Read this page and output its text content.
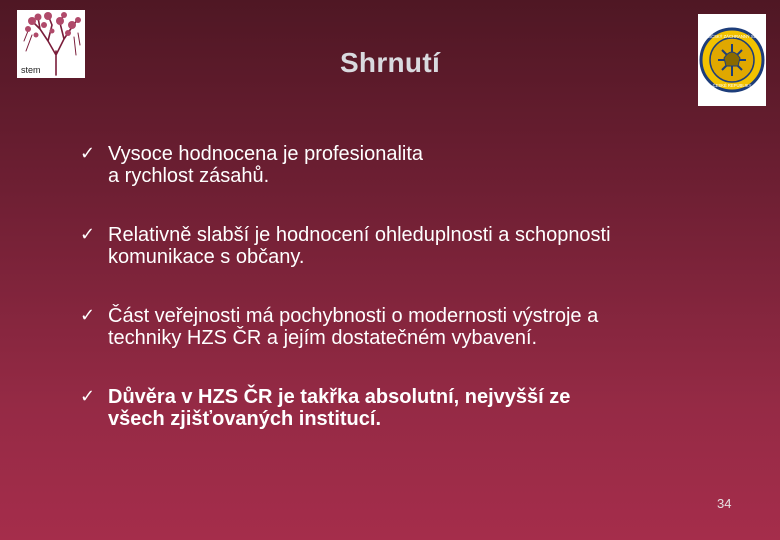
stem
HASIČSKÝ ZÁCHRANNÝ SBOR
ČESKÉ REPUBLIKY
Shrnutí
✓ Vysoce hodnocena je profesionalita
a rychlost zásahů.
✓ Relativně slabší je hodnocení ohleduplnosti a schopnosti
komunikace s občany.
✓ Část veřejnosti má pochybnosti o modernosti výstroje a
techniky HZS ČR a jejím dostatečném vybavení.
✓ Důvěra v HZS ČR je takřka absolutní, nejvyšší ze
všech zjišťovaných institucí.
34
